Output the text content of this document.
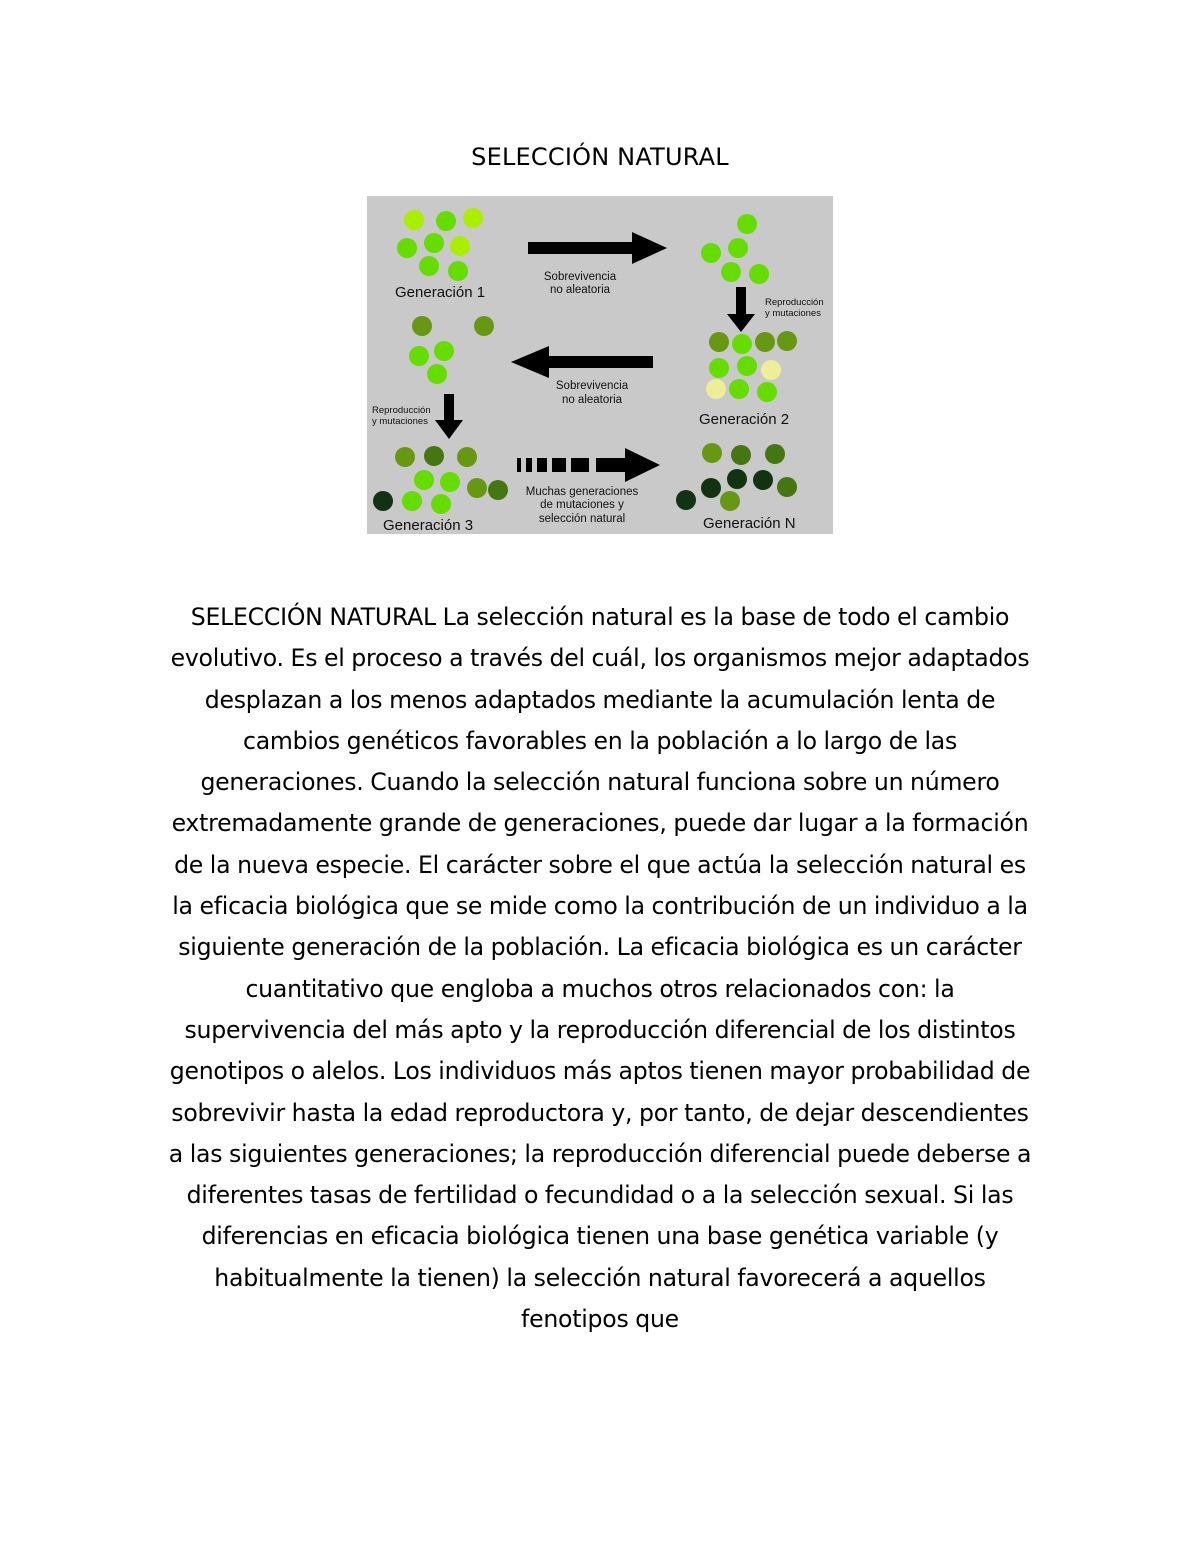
SELECCIÓN NATURAL
Generación 1
Sobrevivencia
no aleatoria
Reproducción
y mutaciones
Generación 2
Sobrevivencia
no aleatoria
Reproducción
y mutaciones
Generación 3
Muchas generaciones
de mutaciones y
selección natural	Generación N

SELECCIÓN NATURAL La selección natural es la base de todo el cambio evolutivo. Es el proceso a través del cuál, los organismos mejor adaptados desplazan a los menos adaptados mediante la acumulación lenta de cambios genéticos favorables en la población a lo largo de las generaciones. Cuando la selección natural funciona sobre un número extremadamente grande de generaciones, puede dar lugar a la formación de la nueva especie. El carácter sobre el que actúa la selección natural es la eficacia biológica que se mide como la contribución de un individuo a la siguiente generación de la población. La eficacia biológica es un carácter cuantitativo que engloba a muchos otros relacionados con: la supervivencia del más apto y la reproducción diferencial de los distintos genotipos o alelos. Los individuos más aptos tienen mayor probabilidad de sobrevivir hasta la edad reproductora y, por tanto, de dejar descendientes a las siguientes generaciones; la reproducción diferencial puede deberse a diferentes tasas de fertilidad o fecundidad o a la selección sexual. Si las diferencias en eficacia biológica tienen una base genética variable (y habitualmente la tienen) la selección natural favorecerá a aquellos fenotipos que
